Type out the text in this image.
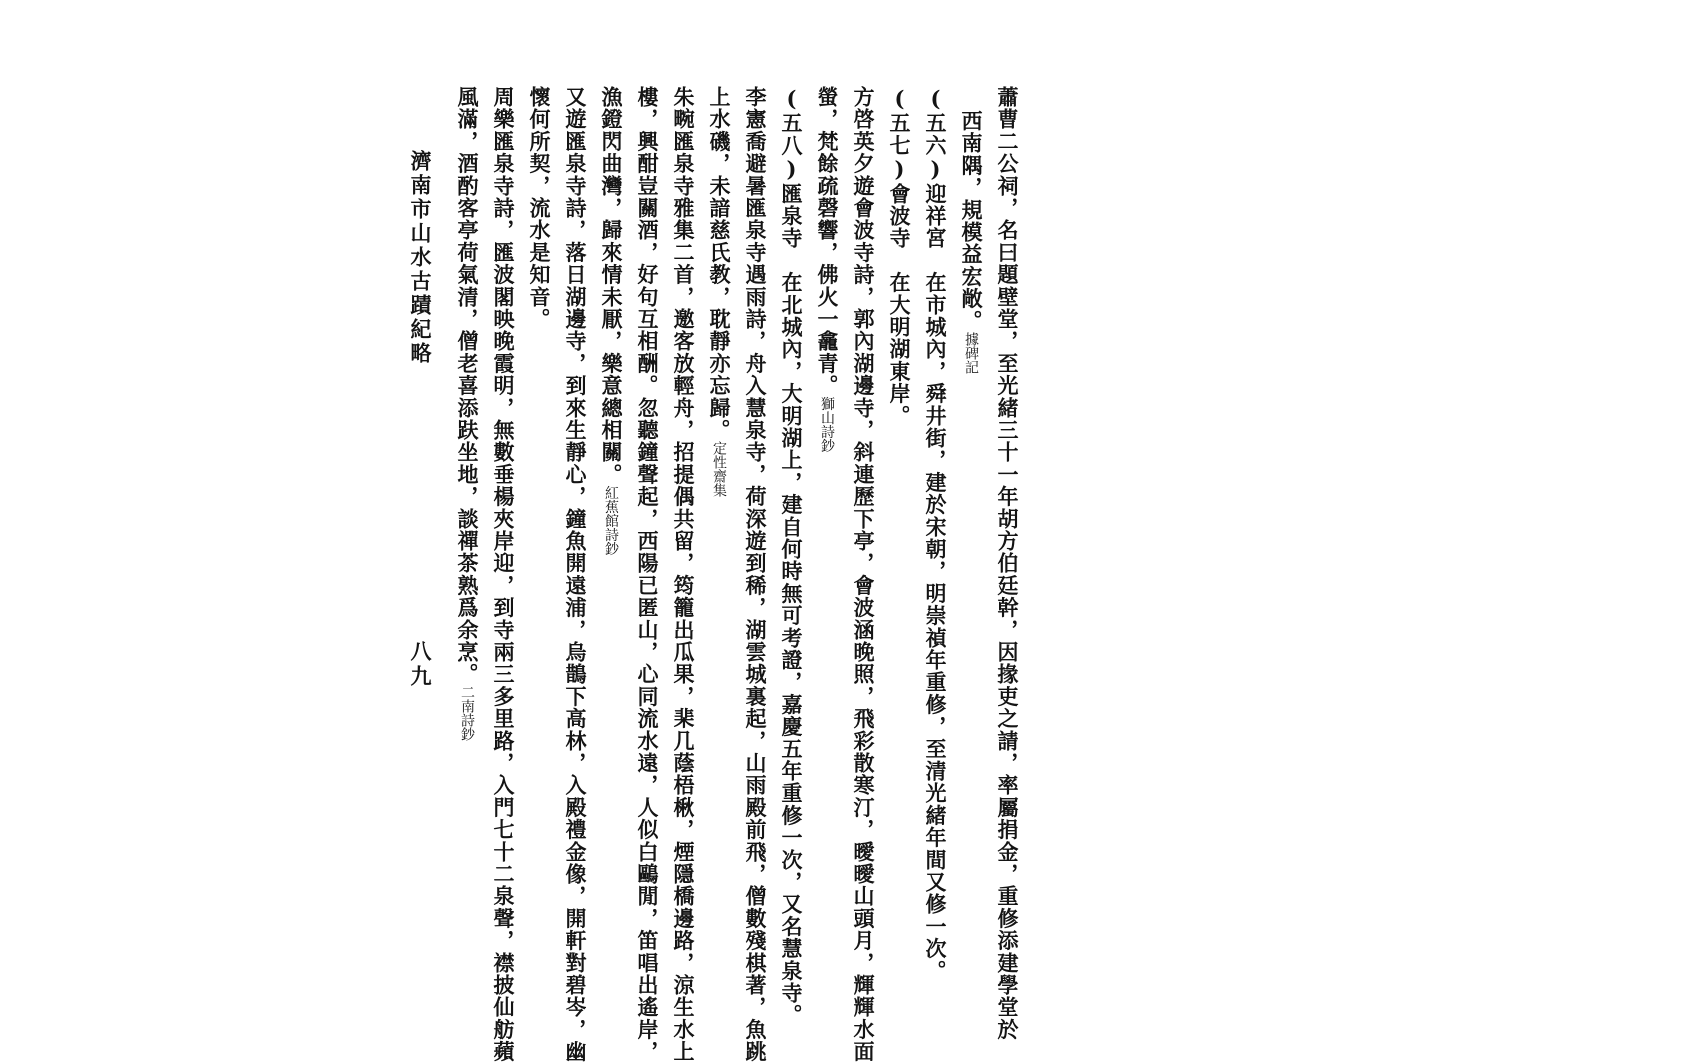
蕭曹二公祠，名曰題壁堂，至光緒三十一年胡方伯廷幹，因掾吏之請，率屬捐金，重修添建學堂於
西南隅，規模益宏敞。據碑記
(五六)迎祥宮　在市城內，舜井街，建於宋朝，明崇禎年重修，至清光緒年間又修一次。
(五七)會波寺　在大明湖東岸。
方啓英夕遊會波寺詩，郭內湖邊寺，斜連歷下亭，會波涵晚照，飛彩散寒汀，曖曖山頭月，輝輝水面
螢，梵餘疏磬響，佛火一龕青。獅山詩鈔
(五八)匯泉寺　在北城內，大明湖上，建自何時無可考證，嘉慶五年重修一次，又名慧泉寺。
李憲喬避暑匯泉寺遇雨詩，舟入慧泉寺，荷深遊到稀，湖雲城裏起，山雨殿前飛，僧數殘棋著，魚跳
上水磯，未諳慈氏教，耽靜亦忘歸。定性齋集
朱畹匯泉寺雅集二首，邀客放輕舟，招提偶共留，筠籠出瓜果，棐几蔭梧楸，煙隱橋邊路，涼生水上
樓，興酣豈關酒，好句互相酬。忽聽鐘聲起，西陽已匿山，心同流水遠，人似白鷗閒，笛唱出遙岸，
漁鐙閃曲灣，歸來情未厭，樂意總相關。紅蕉館詩鈔
又遊匯泉寺詩，落日湖邊寺，到來生靜心，鐘魚開遠浦，烏鵲下高林，入殿禮金像，開軒對碧岑，幽
懷何所契，流水是知音。
周樂匯泉寺詩，匯波閣映晚霞明，無數垂楊夾岸迎，到寺兩三多里路，入門七十二泉聲，襟披仙舫蘋
風滿，酒酌客亭荷氣清，僧老喜添趺坐地，談禪茶熟爲余烹。二南詩鈔
濟南市山水古蹟紀略
八九
